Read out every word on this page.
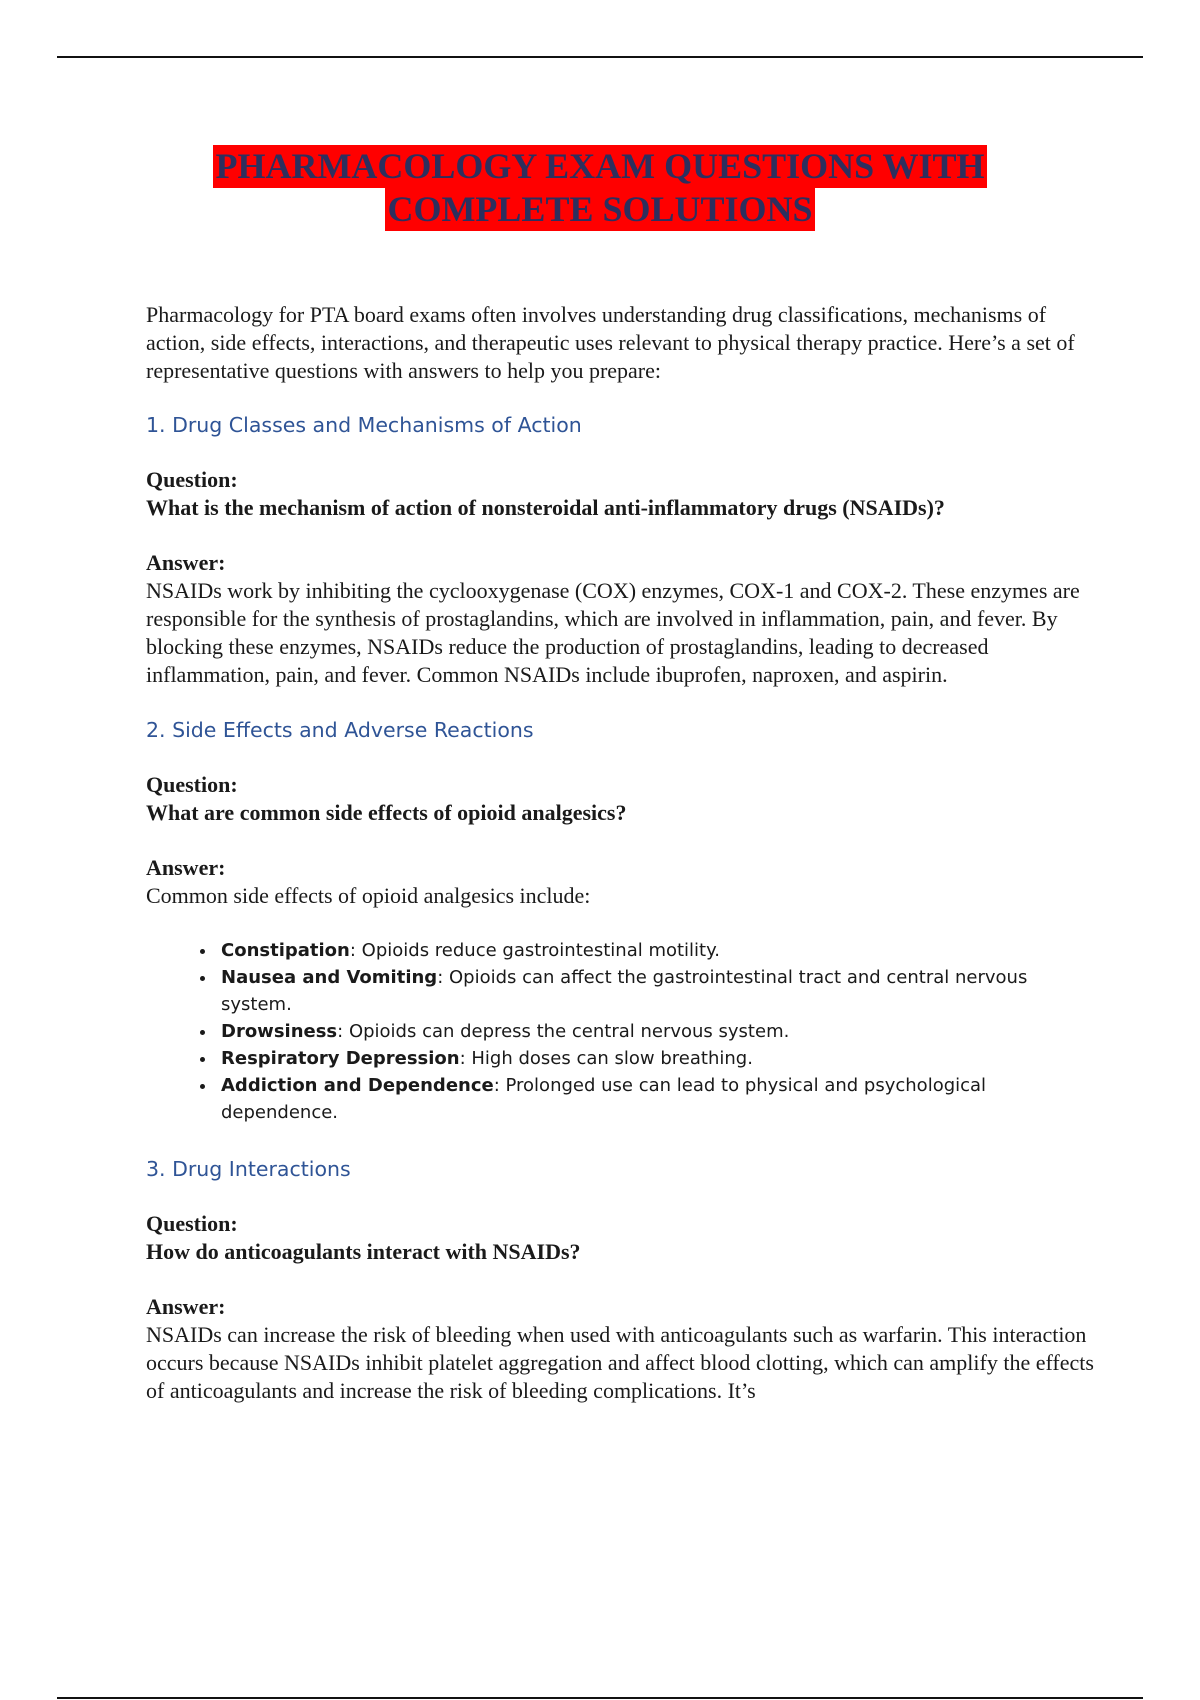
PHARMACOLOGY EXAM QUESTIONS WITH
COMPLETE SOLUTIONS

Pharmacology for PTA board exams often involves understanding drug classifications, mechanisms of action, side effects, interactions, and therapeutic uses relevant to physical therapy practice. Here’s a set of representative questions with answers to help you prepare:

1. Drug Classes and Mechanisms of Action

Question:

What is the mechanism of action of nonsteroidal anti-inflammatory drugs (NSAIDs)?

Answer:

NSAIDs work by inhibiting the cyclooxygenase (COX) enzymes, COX-1 and COX-2. These enzymes are responsible for the synthesis of prostaglandins, which are involved in inflammation, pain, and fever. By blocking these enzymes, NSAIDs reduce the production of prostaglandins, leading to decreased inflammation, pain, and fever. Common NSAIDs include ibuprofen, naproxen, and aspirin.

2. Side Effects and Adverse Reactions

Question:

What are common side effects of opioid analgesics?

Answer:

Common side effects of opioid analgesics include:

• Constipation: Opioids reduce gastrointestinal motility.
• Nausea and Vomiting: Opioids can affect the gastrointestinal tract and central nervous system.
• Drowsiness: Opioids can depress the central nervous system.
• Respiratory Depression: High doses can slow breathing.
• Addiction and Dependence: Prolonged use can lead to physical and psychological dependence.
3. Drug Interactions

Question:

How do anticoagulants interact with NSAIDs?

Answer:

NSAIDs can increase the risk of bleeding when used with anticoagulants such as warfarin. This interaction occurs because NSAIDs inhibit platelet aggregation and affect blood clotting, which can amplify the effects of anticoagulants and increase the risk of bleeding complications. It’s
